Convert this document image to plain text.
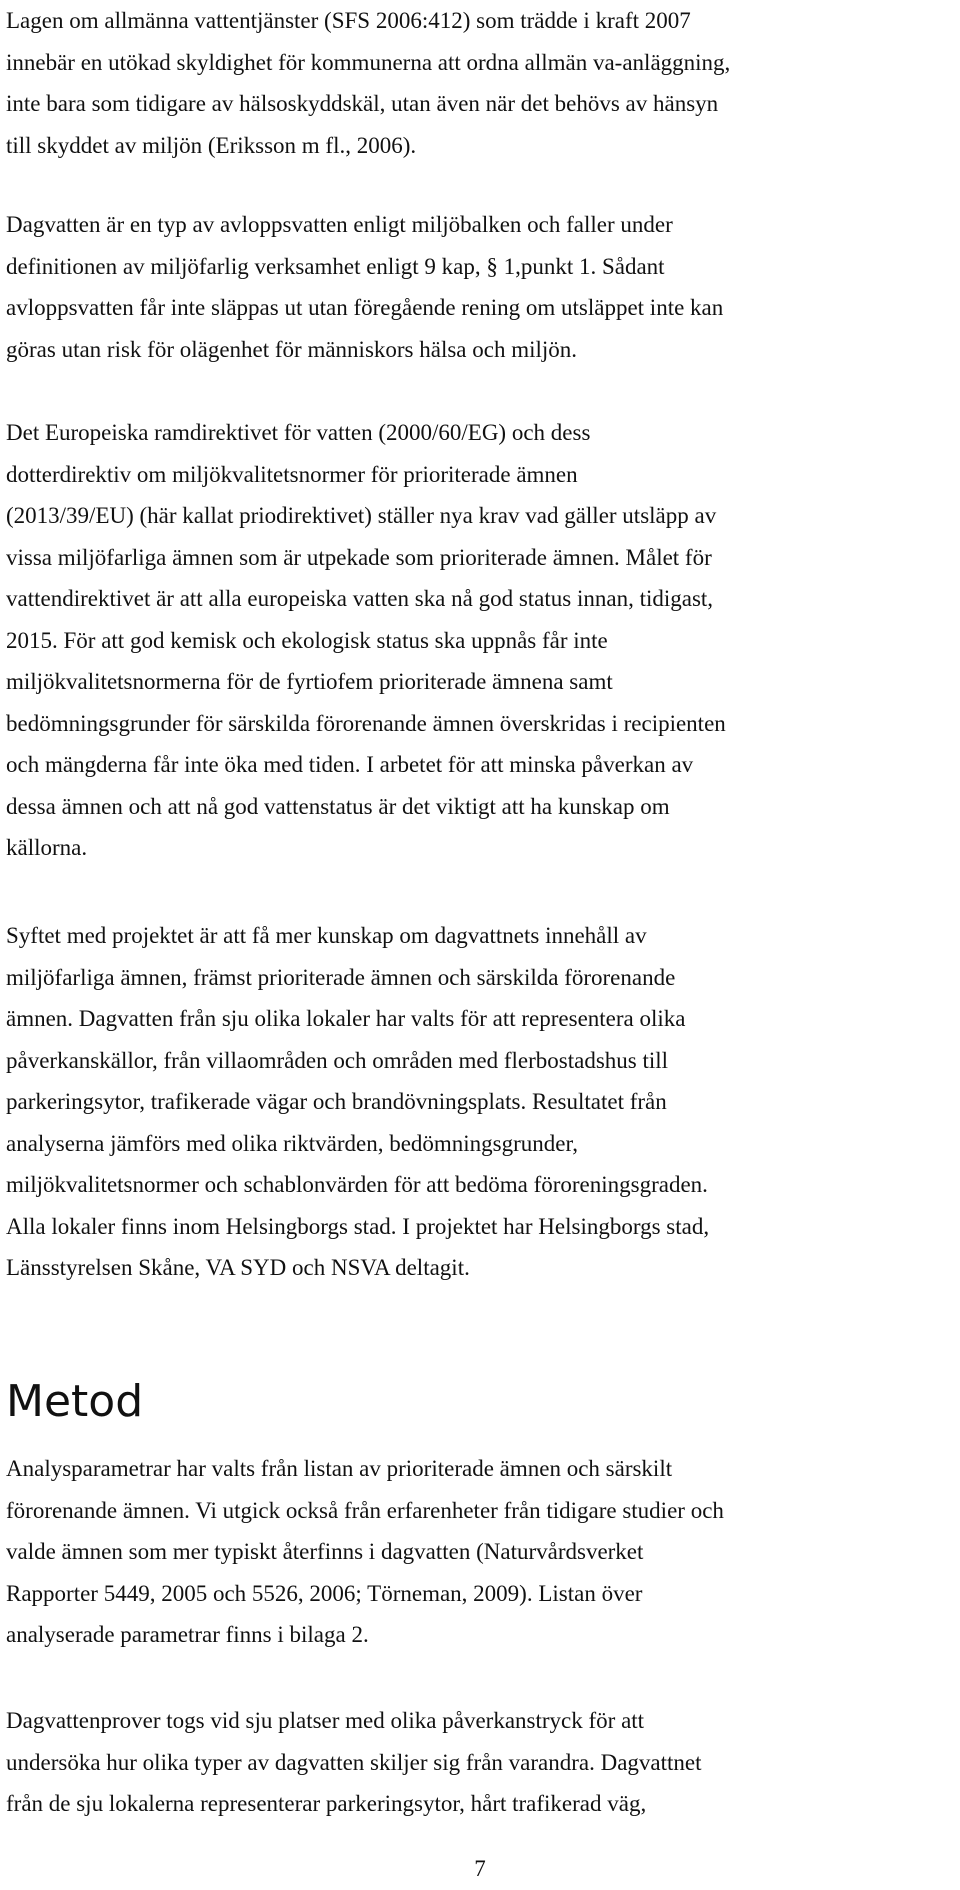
Lagen om allmänna vattentjänster (SFS 2006:412) som trädde i kraft 2007
innebär en utökad skyldighet för kommunerna att ordna allmän va-anläggning,
inte bara som tidigare av hälsoskyddskäl, utan även när det behövs av hänsyn
till skyddet av miljön (Eriksson m fl., 2006).
Dagvatten är en typ av avloppsvatten enligt miljöbalken och faller under
definitionen av miljöfarlig verksamhet enligt 9 kap, § 1,punkt 1. Sådant
avloppsvatten får inte släppas ut utan föregående rening om utsläppet inte kan
göras utan risk för olägenhet för människors hälsa och miljön.
Det Europeiska ramdirektivet för vatten (2000/60/EG) och dess
dotterdirektiv om miljökvalitetsnormer för prioriterade ämnen
(2013/39/EU) (här kallat priodirektivet) ställer nya krav vad gäller utsläpp av
vissa miljöfarliga ämnen som är utpekade som prioriterade ämnen. Målet för
vattendirektivet är att alla europeiska vatten ska nå god status innan, tidigast,
2015. För att god kemisk och ekologisk status ska uppnås får inte
miljökvalitetsnormerna för de fyrtiofem prioriterade ämnena samt
bedömningsgrunder för särskilda förorenande ämnen överskridas i recipienten
och mängderna får inte öka med tiden. I arbetet för att minska påverkan av
dessa ämnen och att nå god vattenstatus är det viktigt att ha kunskap om
källorna.
Syftet med projektet är att få mer kunskap om dagvattnets innehåll av
miljöfarliga ämnen, främst prioriterade ämnen och särskilda förorenande
ämnen. Dagvatten från sju olika lokaler har valts för att representera olika
påverkanskällor, från villaområden och områden med flerbostadshus till
parkeringsytor, trafikerade vägar och brandövningsplats. Resultatet från
analyserna jämförs med olika riktvärden, bedömningsgrunder,
miljökvalitetsnormer och schablonvärden för att bedöma föroreningsgraden.
Alla lokaler finns inom Helsingborgs stad. I projektet har Helsingborgs stad,
Länsstyrelsen Skåne, VA SYD och NSVA deltagit.
Metod
Analysparametrar har valts från listan av prioriterade ämnen och särskilt
förorenande ämnen. Vi utgick också från erfarenheter från tidigare studier och
valde ämnen som mer typiskt återfinns i dagvatten (Naturvårdsverket
Rapporter 5449, 2005 och 5526, 2006; Törneman, 2009). Listan över
analyserade parametrar finns i bilaga 2.
Dagvattenprover togs vid sju platser med olika påverkanstryck för att
undersöka hur olika typer av dagvatten skiljer sig från varandra. Dagvattnet
från de sju lokalerna representerar parkeringsytor, hårt trafikerad väg,
7
